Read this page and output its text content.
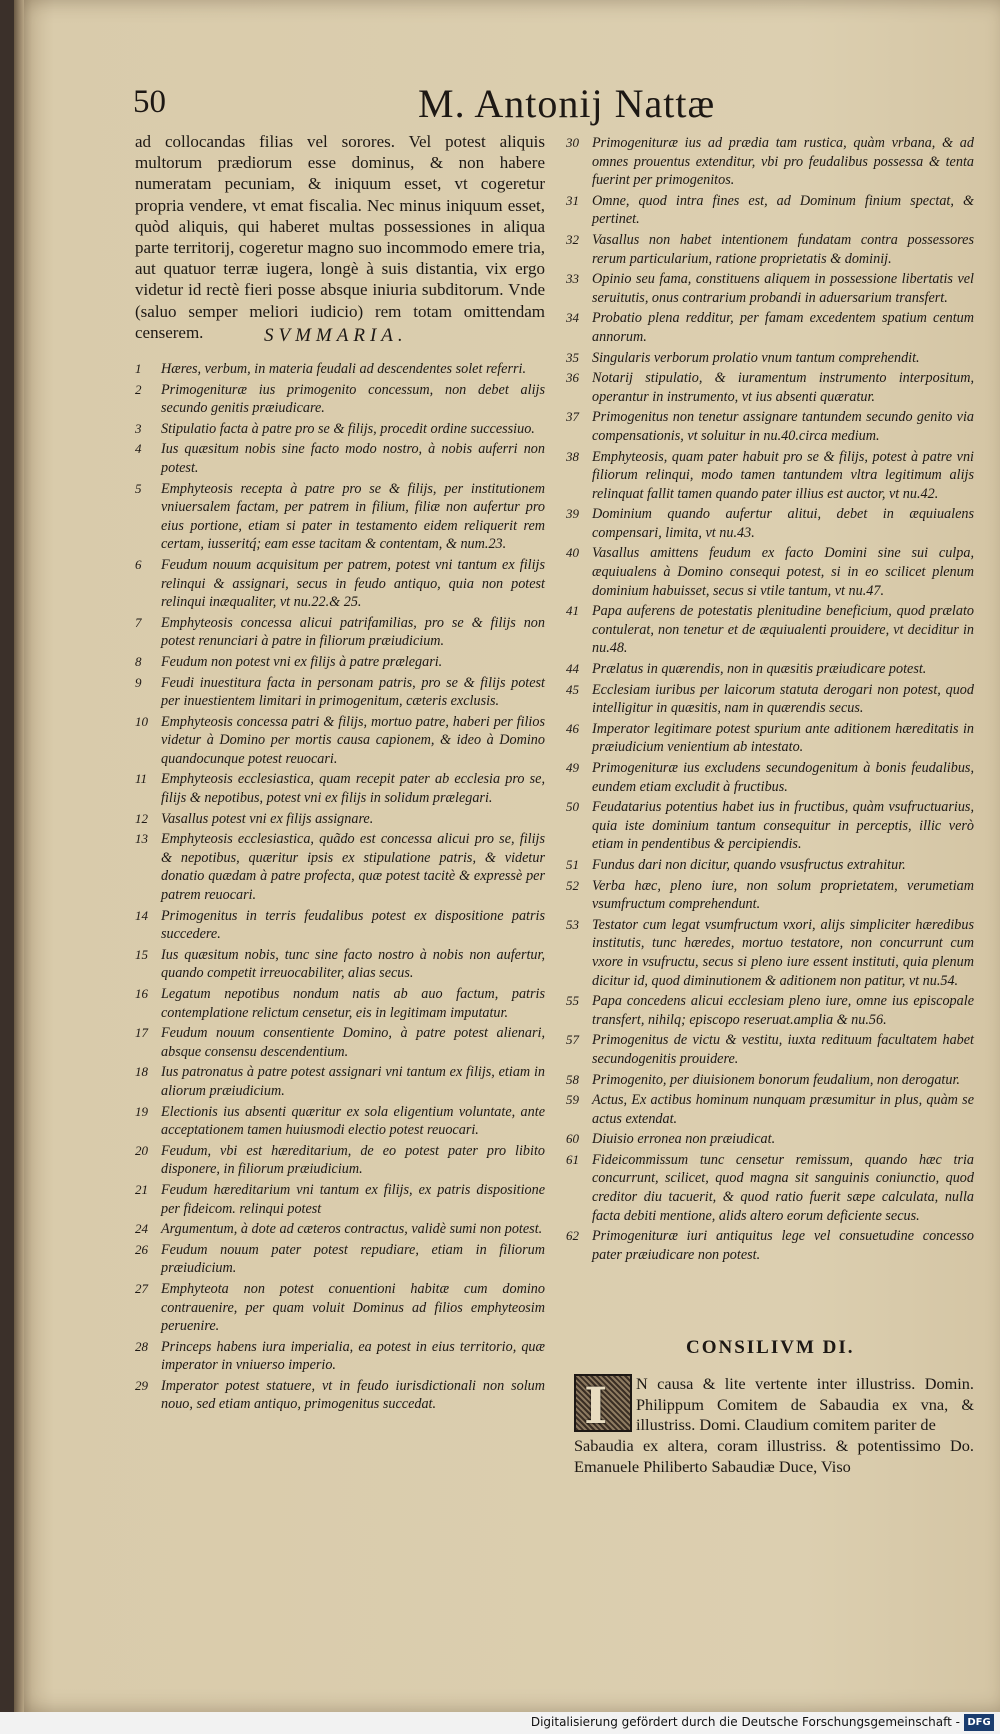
50	M. Antonij Nattæ
ad collocandas filias vel sorores. Vel potest aliquis multorum prædiorum esse dominus, & non habere numeratam pecuniam, & iniquum esset, vt cogeretur propria vendere, vt emat fiscalia. Nec minus iniquum esset, quòd aliquis, qui haberet multas possessiones in aliqua parte territorij, cogeretur magno suo incommodo emere tria, aut quatuor terræ iugera, longè à suis distantia, vix ergo videtur id rectè fieri posse absque iniuria subditorum. Vnde (saluo semper meliori iudicio) rem totam omittendam censerem.	SVMMARIA.
1	Hæres, verbum, in materia feudali ad descendentes solet referri.
2	Primogenituræ ius primogenito concessum, non debet alijs secundo genitis præiudicare.
3	Stipulatio facta à patre pro se & filijs, procedit ordine successiuo.
4	Ius quæsitum nobis sine facto modo nostro, à nobis auferri non potest.
5	Emphyteosis recepta à patre pro se & filijs, per institutionem vniuersalem factam, per patrem in filium, filiæ non aufertur pro eius portione, etiam si pater in testamento eidem reliquerit rem certam, iusseritq́; eam esse tacitam & contentam, & num.23.
6	Feudum nouum acquisitum per patrem, potest vni tantum ex filijs relinqui & assignari, secus in feudo antiquo, quia non potest relinqui inæqualiter, vt nu.22.& 25.
7	Emphyteosis concessa alicui patrifamilias, pro se & filijs non potest renunciari à patre in filiorum præiudicium.
8	Feudum non potest vni ex filijs à patre prælegari.
9	Feudi inuestitura facta in personam patris, pro se & filijs potest per inuestientem limitari in primogenitum, cæteris exclusis.
10 Emphyteosis concessa patri & filijs, mortuo patre, haberi per filios videtur à Domino per mortis causa capionem, & ideo à Domino quandocunque potest reuocari.
11 Emphyteosis ecclesiastica, quam recepit pater ab ecclesia pro se, filijs & nepotibus, potest vni ex filijs in solidum prælegari.
12 Vasallus potest vni ex filijs assignare.
13 Emphyteosis ecclesiastica, quãdo est concessa alicui pro se, filijs & nepotibus, quæritur ipsis ex stipulatione patris, & videtur donatio quædam à patre profecta, quæ potest tacitè & expressè per patrem reuocari.
14 Primogenitus in terris feudalibus potest ex dispositione patris succedere.
15 Ius quæsitum nobis, tunc sine facto nostro à nobis non aufertur, quando competit irreuocabiliter, alias secus.
16 Legatum nepotibus nondum natis ab auo factum, patris contemplatione relictum censetur, eis in legitimam imputatur.
17 Feudum nouum consentiente Domino, à patre potest alienari, absque consensu descendentium.
18 Ius patronatus à patre potest assignari vni tantum ex filijs, etiam in aliorum præiudicium.
19 Electionis ius absenti quæritur ex sola eligentium voluntate, ante acceptationem tamen huiusmodi electio potest reuocari.
20 Feudum, vbi est hæreditarium, de eo potest pater pro libito disponere, in filiorum præiudicium.
21 Feudum hæreditarium vni tantum ex filijs, ex patris dispositione per fideicom. relinqui potest
24 Argumentum, à dote ad cæteros contractus, validè sumi non potest.
26 Feudum nouum pater potest repudiare, etiam in filiorum præiudicium.
27 Emphyteota non potest conuentioni habitæ cum domino contrauenire, per quam voluit Dominus ad filios emphyteosim peruenire.
28 Princeps habens iura imperialia, ea potest in eius territorio, quæ imperator in vniuerso imperio.
29 Imperator potest statuere, vt in feudo iurisdictionali non solum nouo, sed etiam antiquo, primogenitus succedat.
30 Primogenituræ ius ad prædia tam rustica, quàm vrbana, & ad omnes prouentus extenditur, vbi pro feudalibus possessa & tenta fuerint per primogenitos.
31 Omne, quod intra fines est, ad Dominum finium spectat, & pertinet.
32 Vasallus non habet intentionem fundatam contra possessores rerum particularium, ratione proprietatis & dominij.
33 Opinio seu fama, constituens aliquem in possessione libertatis vel seruitutis, onus contrarium probandi in aduersarium transfert.
34 Probatio plena redditur, per famam excedentem spatium centum annorum.
35 Singularis verborum prolatio vnum tantum comprehendit.
36 Notarij stipulatio, & iuramentum instrumento interpositum, operantur in instrumento, vt ius absenti quæratur.
37 Primogenitus non tenetur assignare tantundem secundo genito via compensationis, vt soluitur in nu.40.circa medium.
38 Emphyteosis, quam pater habuit pro se & filijs, potest à patre vni filiorum relinqui, modo tamen tantundem vltra legitimum alijs relinquat fallit tamen quando pater illius est auctor, vt nu.42.
39 Dominium quando aufertur alitui, debet in æquiualens compensari, limita, vt nu.43.
40 Vasallus amittens feudum ex facto Domini sine sui culpa, æquiualens à Domino consequi potest, si in eo scilicet plenum dominium habuisset, secus si vtile tantum, vt nu.47.
41 Papa auferens de potestatis plenitudine beneficium, quod prælato contulerat, non tenetur et de æquiualenti prouidere, vt deciditur in nu.48.
44 Prælatus in quærendis, non in quæsitis præiudicare potest.
45 Ecclesiam iuribus per laicorum statuta derogari non potest, quod intelligitur in quæsitis, nam in quærendis secus.
46 Imperator legitimare potest spurium ante aditionem hæreditatis in præiudicium venientium ab intestato.
49 Primogenituræ ius excludens secundogenitum à bonis feudalibus, eundem etiam excludit à fructibus.
50 Feudatarius potentius habet ius in fructibus, quàm vsufructuarius, quia iste dominium tantum consequitur in perceptis, illic verò etiam in pendentibus & percipiendis.
51 Fundus dari non dicitur, quando vsusfructus extrahitur.
52 Verba hæc, pleno iure, non solum proprietatem, verumetiam vsumfructum comprehendunt.
53 Testator cum legat vsumfructum vxori, alijs simpliciter hæredibus institutis, tunc hæredes, mortuo testatore, non concurrunt cum vxore in vsufructu, secus si pleno iure essent instituti, quia plenum dicitur id, quod diminutionem & aditionem non patitur, vt nu.54.
55 Papa concedens alicui ecclesiam pleno iure, omne ius episcopale transfert, nihilq; episcopo reseruat.amplia & nu.56.
57 Primogenitus de victu & vestitu, iuxta redituum facultatem habet secundogenitis prouidere.
58 Primogenito, per diuisionem bonorum feudalium, non derogatur.
59 Actus, Ex actibus hominum nunquam præsumitur in plus, quàm se actus extendat.
60 Diuisio erronea non præiudicat.
61 Fideicommissum tunc censetur remissum, quando hæc tria concurrunt, scilicet, quod magna sit sanguinis coniunctio, quod creditor diu tacuerit, & quod ratio fuerit sæpe calculata, nulla facta debiti mentione, alids altero eorum deficiente secus.
62 Primogenituræ iuri antiquitus lege vel consuetudine concesso pater præiudicare non potest.
CONSILIVM DI.
I N causa & lite vertente inter illustriss. Domin. Philippum Comitem de Sabaudia ex vna, & illustriss. Domi. Claudium comitem pariter de
Sabaudia ex altera, coram illustriss. & potentissimo Do. Emanuele Philiberto Sabaudiæ Duce, Viso
Digitalisierung gefördert durch die Deutsche Forschungsgemeinschaft - DFG
